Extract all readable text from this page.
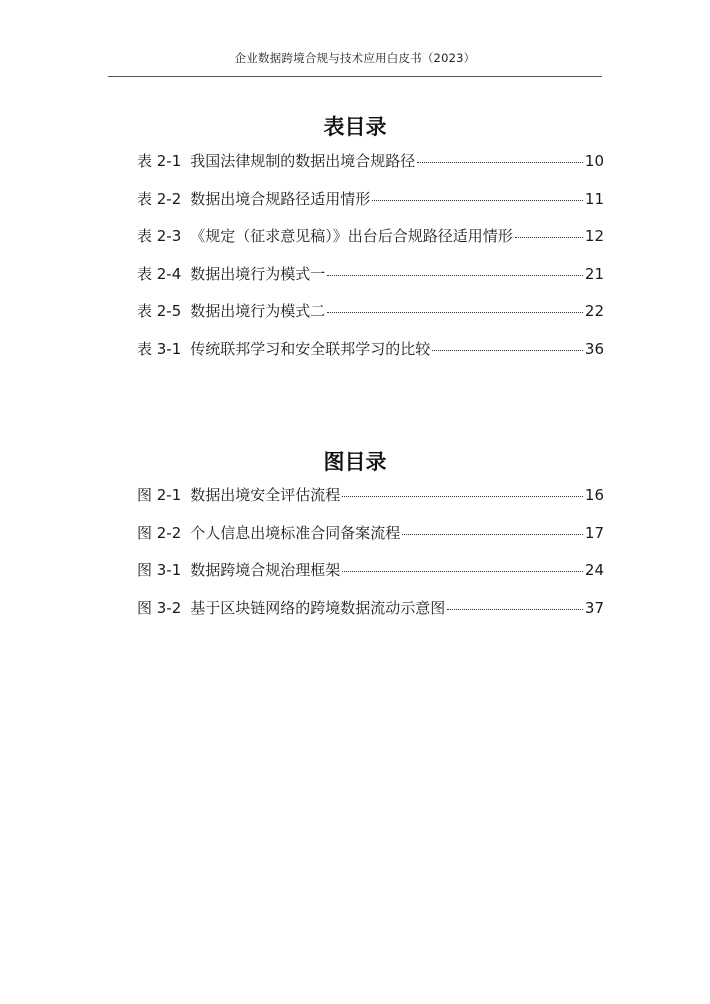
企业数据跨境合规与技术应用白皮书（2023）
表目录
表 2-1 我国法律规制的数据出境合规路径	10
表 2-2 数据出境合规路径适用情形	11
表 2-3 《规定（征求意见稿）》出台后合规路径适用情形	12
表 2-4 数据出境行为模式一	21
表 2-5 数据出境行为模式二	22
表 3-1 传统联邦学习和安全联邦学习的比较	36
图目录
图 2-1 数据出境安全评估流程	16
图 2-2 个人信息出境标准合同备案流程	17
图 3-1 数据跨境合规治理框架	24
图 3-2 基于区块链网络的跨境数据流动示意图	37
